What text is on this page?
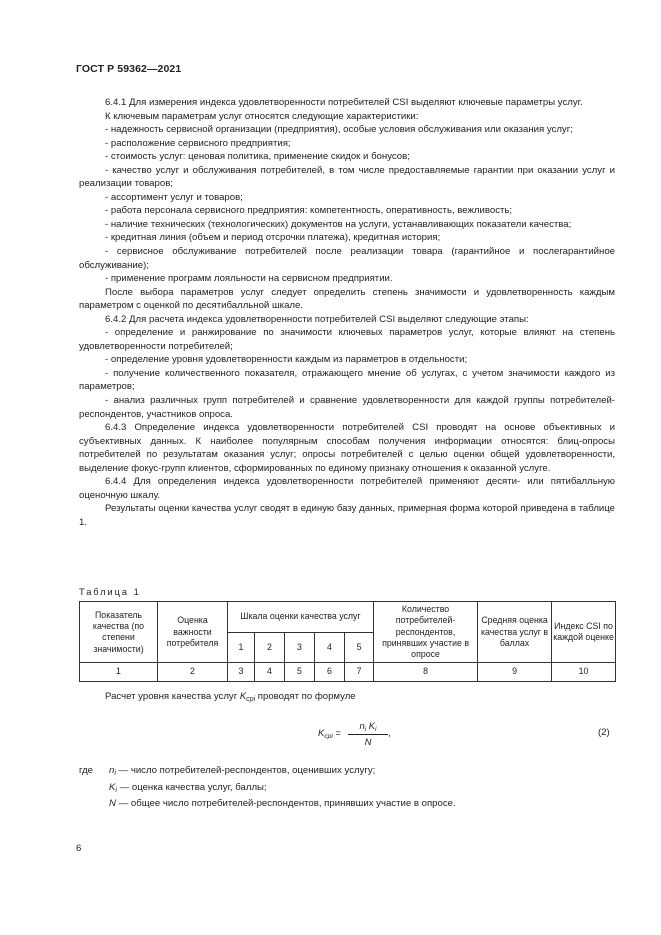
ГОСТ Р 59362—2021

6.4.1 Для измерения индекса удовлетворенности потребителей CSI выделяют ключевые параметры услуг.

К ключевым параметрам услуг относятся следующие характеристики:

- надежность сервисной организации (предприятия), особые условия обслуживания или оказания услуг;

- расположение сервисного предприятия;

- стоимость услуг: ценовая политика, применение скидок и бонусов;

- качество услуг и обслуживания потребителей, в том числе предоставляемые гарантии при оказании услуг и реализации товаров;

- ассортимент услуг и товаров;

- работа персонала сервисного предприятия: компетентность, оперативность, вежливость;

- наличие технических (технологических) документов на услуги, устанавливающих показатели качества;

- кредитная линия (объем и период отсрочки платежа), кредитная история;

- сервисное обслуживание потребителей после реализации товара (гарантийное и послегарантийное обслуживание);

- применение программ лояльности на сервисном предприятии.

После выбора параметров услуг следует определить степень значимости и удовлетворенность каждым параметром с оценкой по десятибалльной шкале.

6.4.2 Для расчета индекса удовлетворенности потребителей CSI выделяют следующие этапы:

- определение и ранжирование по значимости ключевых параметров услуг, которые влияют на степень удовлетворенности потребителей;

- определение уровня удовлетворенности каждым из параметров в отдельности;

- получение количественного показателя, отражающего мнение об услугах, с учетом значимости каждого из параметров;

- анализ различных групп потребителей и сравнение удовлетворенности для каждой группы потребителей-респондентов, участников опроса.

6.4.3 Определение индекса удовлетворенности потребителей CSI проводят на основе объективных и субъективных данных. К наиболее популярным способам получения информации относятся: блиц-опросы потребителей по результатам оказания услуг; опросы потребителей с целью оценки общей удовлетворенности, выделение фокус-групп клиентов, сформированных по единому признаку отношения к оказанной услуге.

6.4.4 Для определения индекса удовлетворенности потребителей применяют десяти- или пятибалльную оценочную шкалу.

Результаты оценки качества услуг сводят в единую базу данных, примерная форма которой приведена в таблице 1.

Таблица 1
Показатель качества (по степени значимости)	Оценка важности потребителя	Шкала оценки качества услуг					Количество потребителей-респондентов, принявших участие в опросе	Средняя оценка качества услуг в баллах	Индекс CSI по каждой оценке
		1	2	3	4	5			
1	2	3	4	5	6	7	8	9	10
Расчет уровня качества услуг $K_{cpi}$ проводят по формуле
$K_{cpi} = \frac{n_i K_i}{N}$ ,	(2)
где $n_i$ — число потребителей-респондентов, оценивших услугу;
$K_i$ — оценка качества услуг, баллы;
N — общее число потребителей-респондентов, принявших участие в опросе.
6
